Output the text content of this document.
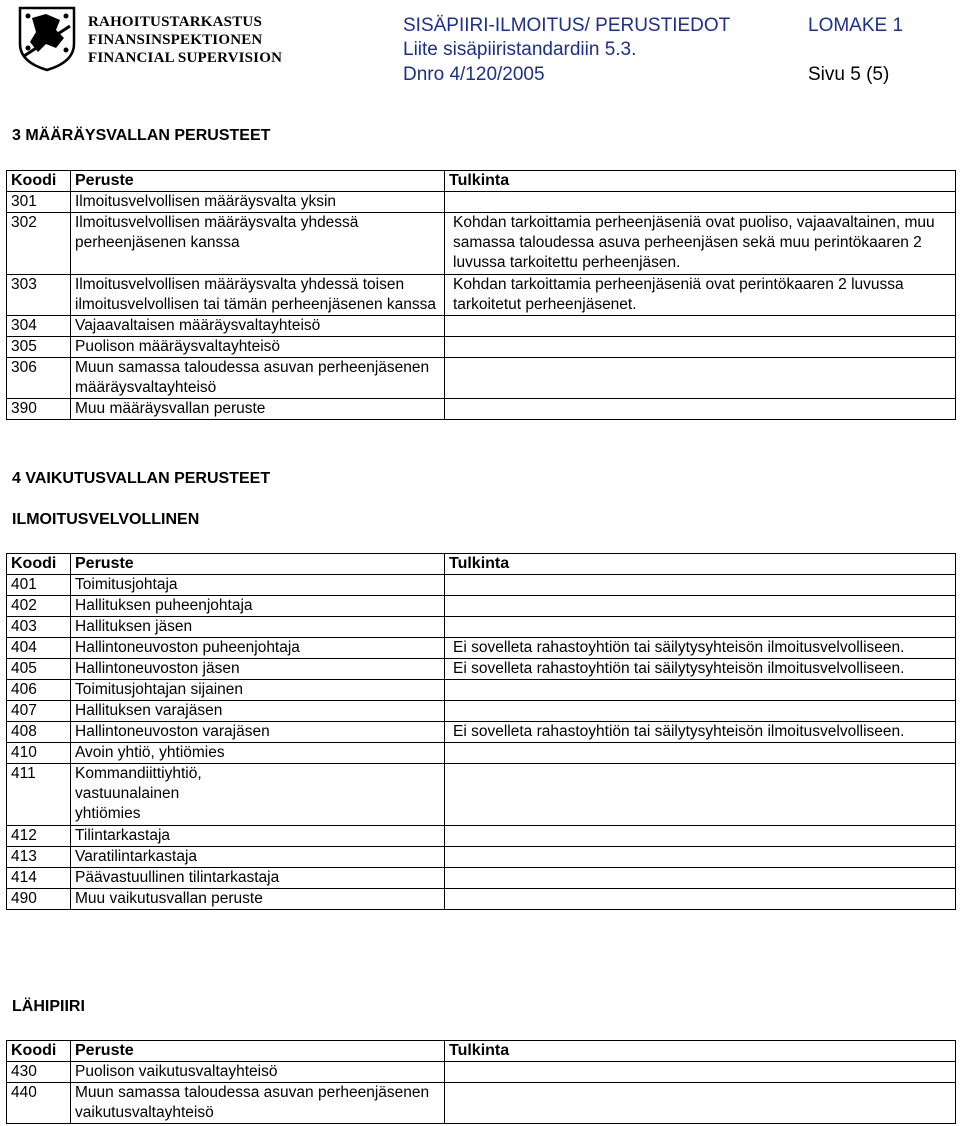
RAHOITUSTARKASTUS
FINANSINSPEKTIONEN
FINANCIAL SUPERVISION
SISÄPIIRI-ILMOITUS/ PERUSTIEDOT	LOMAKE 1
Liite sisäpiiristandardiin 5.3.
Dnro 4/120/2005	Sivu 5 (5)
3 MÄÄRÄYSVALLAN PERUSTEET
Koodi	Peruste	Tulkinta
301	Ilmoitusvelvollisen määräysvalta yksin	
302	Ilmoitusvelvollisen määräysvalta yhdessä perheenjäsenen kanssa	Kohdan tarkoittamia perheenjäseniä ovat puoliso, vajaavaltainen, muu samassa taloudessa asuva perheenjäsen sekä muu perintökaaren 2 luvussa tarkoitettu perheenjäsen.
303	Ilmoitusvelvollisen määräysvalta yhdessä toisen ilmoitusvelvollisen tai tämän perheenjäsenen kanssa	Kohdan tarkoittamia perheenjäseniä ovat perintökaaren 2 luvussa tarkoitetut perheenjäsenet.
304	Vajaavaltaisen määräysvaltayhteisö	
305	Puolison määräysvaltayhteisö	
306	Muun samassa taloudessa asuvan perheenjäsenen määräysvaltayhteisö	
390	Muu määräysvallan peruste	
4 VAIKUTUSVALLAN PERUSTEET
ILMOITUSVELVOLLINEN
Koodi	Peruste	Tulkinta
401	Toimitusjohtaja	
402	Hallituksen puheenjohtaja	
403	Hallituksen jäsen	
404	Hallintoneuvoston puheenjohtaja	Ei sovelleta rahastoyhtiön tai säilytysyhteisön ilmoitusvelvolliseen.
405	Hallintoneuvoston jäsen	Ei sovelleta rahastoyhtiön tai säilytysyhteisön ilmoitusvelvolliseen.
406	Toimitusjohtajan sijainen	
407	Hallituksen varajäsen	
408	Hallintoneuvoston varajäsen	Ei sovelleta rahastoyhtiön tai säilytysyhteisön ilmoitusvelvolliseen.
410	Avoin yhtiö, yhtiömies	
411	Kommandiittiyhtiö, vastuunalainen yhtiömies	
412	Tilintarkastaja	
413	Varatilintarkastaja	
414	Päävastuullinen tilintarkastaja	
490	Muu vaikutusvallan peruste	
LÄHIPIIRI
Koodi	Peruste	Tulkinta
430	Puolison vaikutusvaltayhteisö	
440	Muun samassa taloudessa asuvan perheenjäsenen vaikutusvaltayhteisö	
